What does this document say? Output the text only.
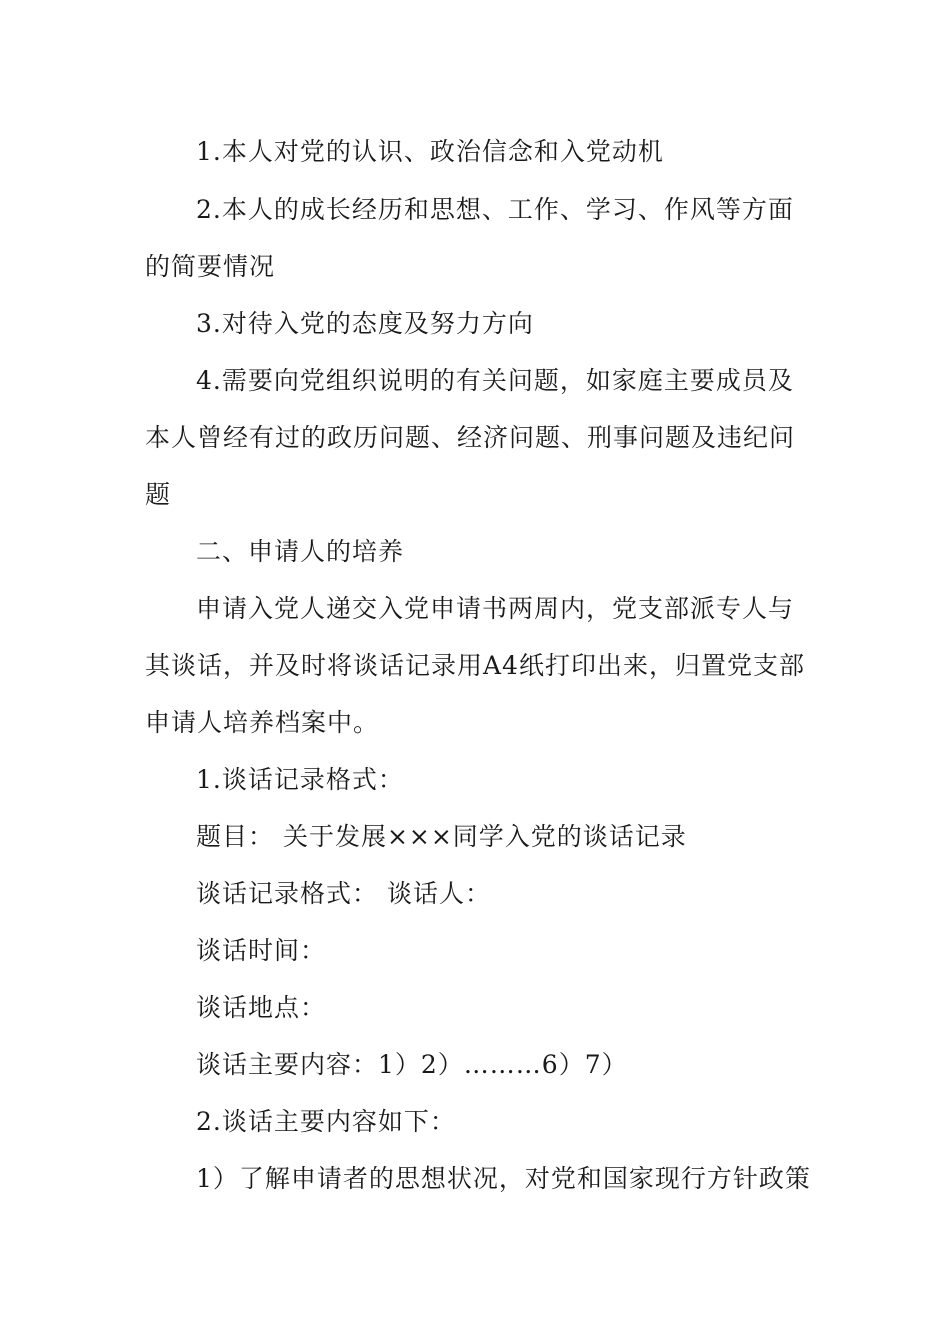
1.本人对党的认识、政治信念和入党动机
2.本人的成长经历和思想、工作、学习、作风等方面
的简要情况
3.对待入党的态度及努力方向
4.需要向党组织说明的有关问题，如家庭主要成员及
本人曾经有过的政历问题、经济问题、刑事问题及违纪问
题
二、申请人的培养
申请入党人递交入党申请书两周内，党支部派专人与
其谈话，并及时将谈话记录用A4纸打印出来，归置党支部
申请人培养档案中。
1.谈话记录格式：
题目： 关于发展×××同学入党的谈话记录
谈话记录格式： 谈话人：
谈话时间：
谈话地点：
谈话主要内容：1）2）………6）7）
2.谈话主要内容如下：
1）了解申请者的思想状况，对党和国家现行方针政策
